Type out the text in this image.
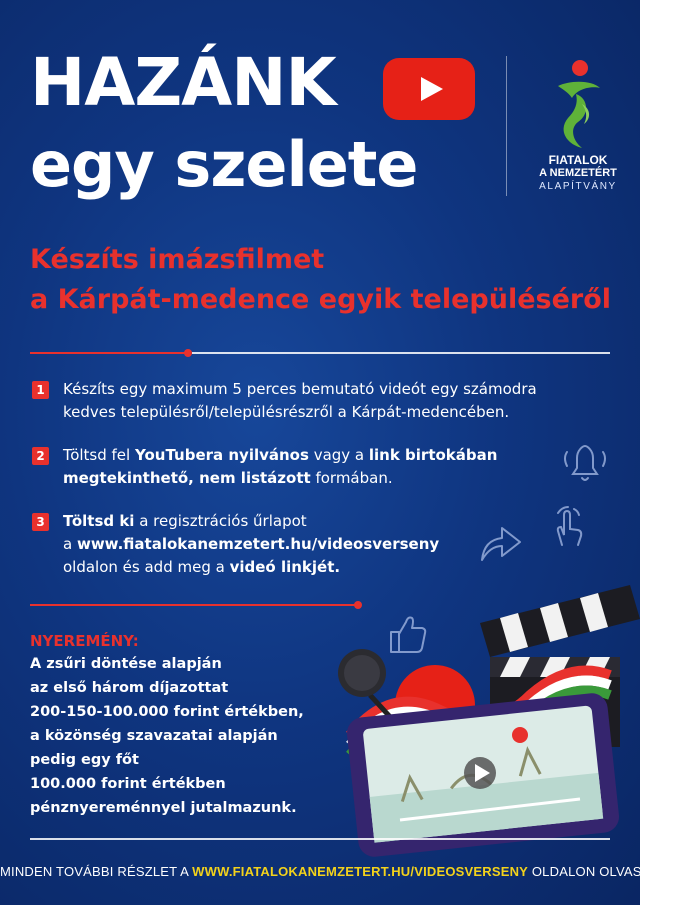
HAZÁNK
egy szelete	FIATALOK
A NEMZETÉRT
ALAPÍTVÁNY
Készíts imázsfilmet
a Kárpát-medence egyik településéről
1 Készíts egy maximum 5 perces bemutató videót egy számodra
kedves településről/településrészről a Kárpát-medencében.
2 Töltsd fel YouTubera nyilvános vagy a link birtokában
megtekinthető, nem listázott formában.
3 Töltsd ki a regisztrációs űrlapot
a www.fiatalokanemzetert.hu/videosverseny
oldalon és add meg a videó linkjét.
NYEREMÉNY:
A zsűri döntése alapján
az első három díjazottat
200-150-100.000 forint értékben,
a közönség szavazatai alapján
pedig egy főt
100.000 forint értékben
pénznyereménnyel jutalmazunk.
MINDEN TOVÁBBI RÉSZLET A WWW.FIATALOKANEMZETERT.HU/VIDEOSVERSENY OLDALON OLVASHATÓ.
